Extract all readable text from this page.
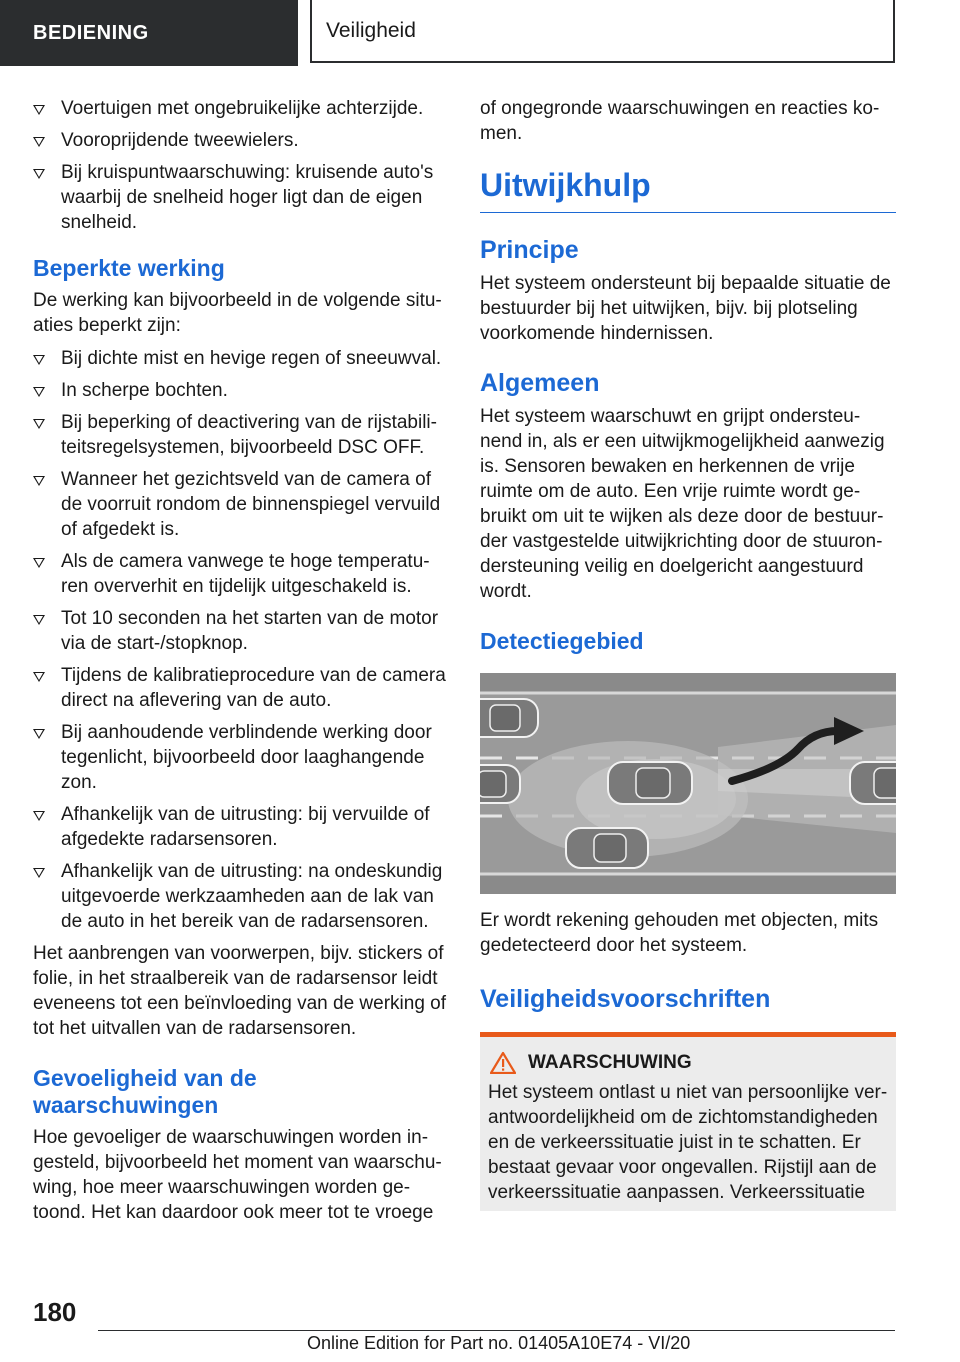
BEDIENING	Veiligheid
Voertuigen met ongebruikelijke achterzijde.
Vooroprijdende tweewielers.
Bij kruispuntwaarschuwing: kruisende auto's waarbij de snelheid hoger ligt dan de eigen snelheid.
Beperkte werking

De werking kan bijvoorbeeld in de volgende situaties beperkt zijn:

Bij dichte mist en hevige regen of sneeuwval.
In scherpe bochten.
Bij beperking of deactivering van de rijstabiliteitsregelsystemen, bijvoorbeeld DSC OFF.
Wanneer het gezichtsveld van de camera of de voorruit rondom de binnenspiegel vervuild of afgedekt is.
Als de camera vanwege te hoge temperaturen oververhit en tijdelijk uitgeschakeld is.
Tot 10 seconden na het starten van de motor via de start-/stopknop.
Tijdens de kalibratieprocedure van de camera direct na aflevering van de auto.
Bij aanhoudende verblindende werking door tegenlicht, bijvoorbeeld door laaghangende zon.
Afhankelijk van de uitrusting: bij vervuilde of afgedekte radarsensoren.
Afhankelijk van de uitrusting: na ondeskundig uitgevoerde werkzaamheden aan de lak van de auto in het bereik van de radarsensoren.

Het aanbrengen van voorwerpen, bijv. stickers of folie, in het straalbereik van de radarsensor leidt eveneens tot een beïnvloeding van de werking of tot het uitvallen van de radarsensoren.

Gevoeligheid van de waarschuwingen

Hoe gevoeliger de waarschuwingen worden ingesteld, bijvoorbeeld het moment van waarschuwing, hoe meer waarschuwingen worden getoond. Het kan daardoor ook meer tot te vroege

of ongegronde waarschuwingen en reacties komen.

Uitwijkhulp
Principe

Het systeem ondersteunt bij bepaalde situatie de bestuurder bij het uitwijken, bijv. bij plotseling voorkomende hindernissen.

Algemeen

Het systeem waarschuwt en grijpt ondersteunend in, als er een uitwijkmogelijkheid aanwezig is. Sensoren bewaken en herkennen de vrije ruimte om de auto. Een vrije ruimte wordt gebruikt om uit te wijken als deze door de bestuurder vastgestelde uitwijkrichting door de stuurondersteuning veilig en doelgericht aangestuurd wordt.

Detectiegebied

Er wordt rekening gehouden met objecten, mits gedetecteerd door het systeem.

Veiligheidsvoorschriften
WAARSCHUWING

Het systeem ontlast u niet van persoonlijke verantwoordelijkheid om de zichtomstandigheden en de verkeerssituatie juist in te schatten. Er bestaat gevaar voor ongevallen. Rijstijl aan de verkeerssituatie aanpassen. Verkeerssituatie

180
Online Edition for Part no. 01405A10E74 - VI/20
